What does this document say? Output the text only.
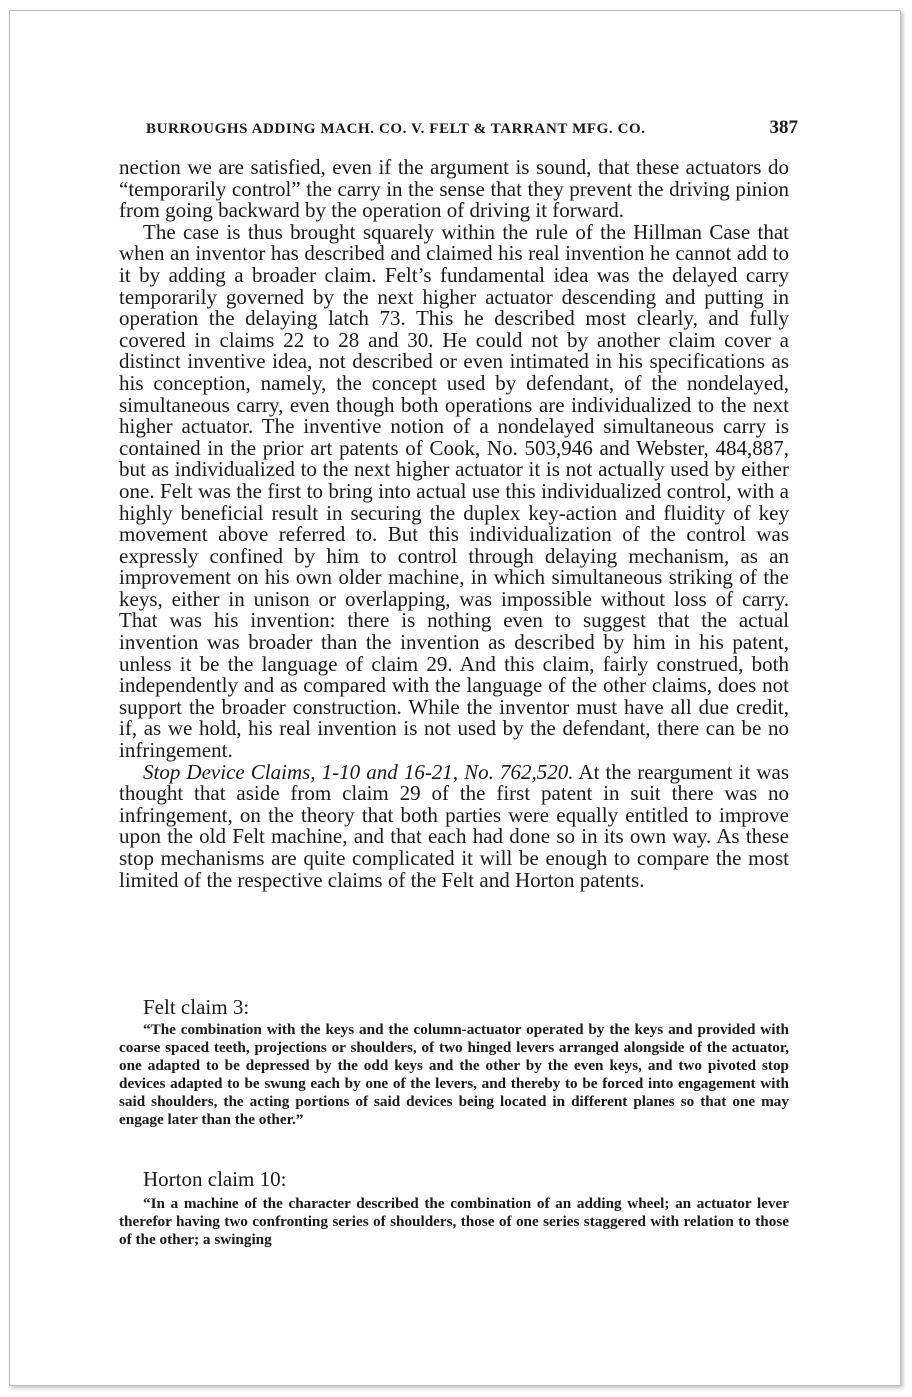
BURROUGHS ADDING MACH. CO. V. FELT & TARRANT MFG. CO.	387

nection we are satisfied, even if the argument is sound, that these actuators do “temporarily control” the carry in the sense that they prevent the driving pinion from going backward by the operation of driving it forward.

The case is thus brought squarely within the rule of the Hillman Case that when an inventor has described and claimed his real invention he cannot add to it by adding a broader claim. Felt’s fundamental idea was the delayed carry temporarily governed by the next higher actuator descending and putting in operation the delaying latch 73. This he described most clearly, and fully covered in claims 22 to 28 and 30. He could not by another claim cover a distinct inventive idea, not described or even intimated in his specifications as his conception, namely, the concept used by defendant, of the nondelayed, simultaneous carry, even though both operations are individualized to the next higher actuator. The inventive notion of a nondelayed simultaneous carry is contained in the prior art patents of Cook, No. 503,946 and Webster, 484,887, but as individualized to the next higher actuator it is not actually used by either one. Felt was the first to bring into actual use this individualized control, with a highly beneficial result in securing the duplex key-action and fluidity of key movement above referred to. But this individualization of the control was expressly confined by him to control through delaying mechanism, as an improvement on his own older machine, in which simultaneous striking of the keys, either in unison or overlapping, was impossible without loss of carry. That was his invention: there is nothing even to suggest that the actual invention was broader than the invention as described by him in his patent, unless it be the language of claim 29. And this claim, fairly construed, both independently and as compared with the language of the other claims, does not support the broader construction. While the inventor must have all due credit, if, as we hold, his real invention is not used by the defendant, there can be no infringement.

Stop Device Claims, 1-10 and 16-21, No. 762,520. At the reargument it was thought that aside from claim 29 of the first patent in suit there was no infringement, on the theory that both parties were equally entitled to improve upon the old Felt machine, and that each had done so in its own way. As these stop mechanisms are quite complicated it will be enough to compare the most limited of the respective claims of the Felt and Horton patents.

Felt claim 3:
“The combination with the keys and the column-actuator operated by the keys and provided with coarse spaced teeth, projections or shoulders, of two hinged levers arranged alongside of the actuator, one adapted to be depressed by the odd keys and the other by the even keys, and two pivoted stop devices adapted to be swung each by one of the levers, and thereby to be forced into engagement with said shoulders, the acting portions of said devices being located in different planes so that one may engage later than the other.”
Horton claim 10:
“In a machine of the character described the combination of an adding wheel; an actuator lever therefor having two confronting series of shoulders, those of one series staggered with relation to those of the other; a swinging
